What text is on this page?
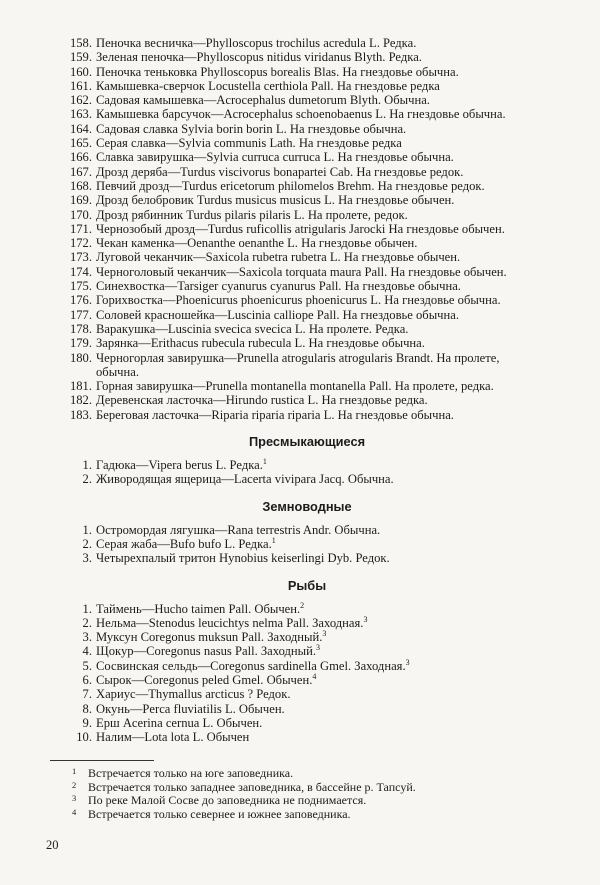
158. Пеночка весничка—Phylloscopus trochilus acredula L. Редка.
159. Зеленая пеночка—Phylloscopus nitidus viridanus Blyth. Редка.
160. Пеночка теньковка Phylloscopus borealis Blas. На гнездовье обычна.
161. Камышевка-сверчок Locustella certhiola Pall. На гнездовье редка
162. Садовая камышевка—Acrocephalus dumetorum Blyth. Обычна.
163. Камышевка барсучок—Acrocephalus schoenobaenus L. На гнездовье обычна.
164. Садовая славка Sylvia borin borin L. На гнездовье обычна.
165. Серая славка—Sylvia communis Lath. На гнездовье редка
166. Славка завирушка—Sylvia curruca curruca L. На гнездовье обычна.
167. Дрозд деряба—Turdus viscivorus bonapartei Cab. На гнездовье редок.
168. Певчий дрозд—Turdus ericetorum philomelos Brehm. На гнездовье редок.
169. Дрозд белобровик Turdus musicus musicus L. На гнездовье обычен.
170. Дрозд рябинник Turdus pilaris pilaris L. На пролете, редок.
171. Чернозобый дрозд—Turdus ruficollis atrigularis Jarocki На гнездовье обычен.
172. Чекан каменка—Oenanthe oenanthe L. На гнездовье обычен.
173. Луговой чеканчик—Saxicola rubetra rubetra L. На гнездовье обычен.
174. Черноголовый чеканчик—Saxicola torquata maura Pall. На гнездовье обычен.
175. Синехвостка—Tarsiger cyanurus cyanurus Pall. На гнездовье обычна.
176. Горихвостка—Phoenicurus phoenicurus phoenicurus L. На гнездовье обычна.
177. Соловей красношейка—Luscinia calliope Pall. На гнездовье обычна.
178. Варакушка—Luscinia svecica svecica L. На пролете. Редка.
179. Зарянка—Erithacus rubecula rubecula L. На гнездовье обычна.
180. Черногорлая завирушка—Prunella atrogularis atrogularis Brandt. На пролете, обычна.
181. Горная завирушка—Prunella montanella montanella Pall. На пролете, редка.
182. Деревенская ласточка—Hirundo rustica L. На гнездовье редка.
183. Береговая ласточка—Riparia riparia riparia L. На гнездовье обычна.
Пресмыкающиеся
1. Гадюка—Vipera berus L. Редка.$^1$
2. Живородящая ящерица—Lacerta vivipara Jacq. Обычна.
Земноводные
1. Остромордая лягушка—Rana terrestris Andr. Обычна.
2. Серая жаба—Bufo bufo L. Редка.$^1$
3. Четырехпалый тритон Hynobius keiserlingi Dyb. Редок.
Рыбы
1. Таймень—Hucho taimen Pall. Обычен.$^2$
2. Нельма—Stenodus leucichtys nelma Pall. Заходная.$^3$
3. Муксун Coregonus muksun Pall. Заходный.$^3$
4. Щокур—Coregonus nasus Pall. Заходный.$^3$
5. Сосвинская сельдь—Coregonus sardinella Gmel. Заходная.$^3$
6. Сырок—Coregonus peled Gmel. Обычен.$^4$
7. Хариус—Thymallus arcticus ? Редок.
8. Окунь—Perca fluviatilis L. Обычен.
9. Ерш Acerina cernua L. Обычен.
10. Налим—Lota lota L. Обычен
1 Встречается только на юге заповедника.
2 Встречается только западнее заповедника, в бассейне р. Тапсуй.
3 По реке Малой Сосве до заповедника не поднимается.
4 Встречается только севернее и южнее заповедника.
20
